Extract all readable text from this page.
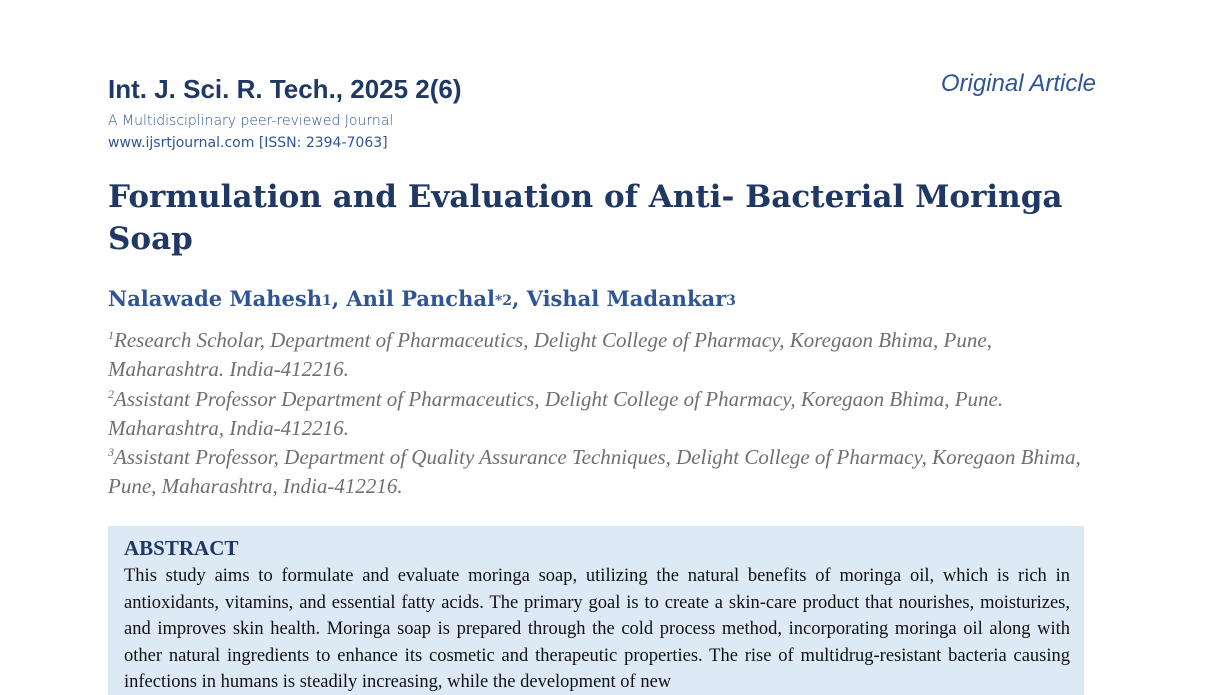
Int. J. Sci. R. Tech., 2025 2(6)	Original Article
A Multidisciplinary peer-reviewed Journal
www.ijsrtjournal.com [ISSN: 2394-7063]
Formulation and Evaluation of Anti- Bacterial Moringa Soap
Nalawade Mahesh1, Anil Panchal*2, Vishal Madankar3
$^1$Research Scholar, Department of Pharmaceutics, Delight College of Pharmacy, Koregaon Bhima, Pune, Maharashtra. India-412216.
$^2$Assistant Professor Department of Pharmaceutics, Delight College of Pharmacy, Koregaon Bhima, Pune. Maharashtra, India-412216.
$^3$Assistant Professor, Department of Quality Assurance Techniques, Delight College of Pharmacy, Koregaon Bhima, Pune, Maharashtra, India-412216.
ABSTRACT

This study aims to formulate and evaluate moringa soap, utilizing the natural benefits of moringa oil, which is rich in antioxidants, vitamins, and essential fatty acids. The primary goal is to create a skin-care product that nourishes, moisturizes, and improves skin health. Moringa soap is prepared through the cold process method, incorporating moringa oil along with other natural ingredients to enhance its cosmetic and therapeutic properties. The rise of multidrug-resistant bacteria causing infections in humans is steadily increasing, while the development of new
